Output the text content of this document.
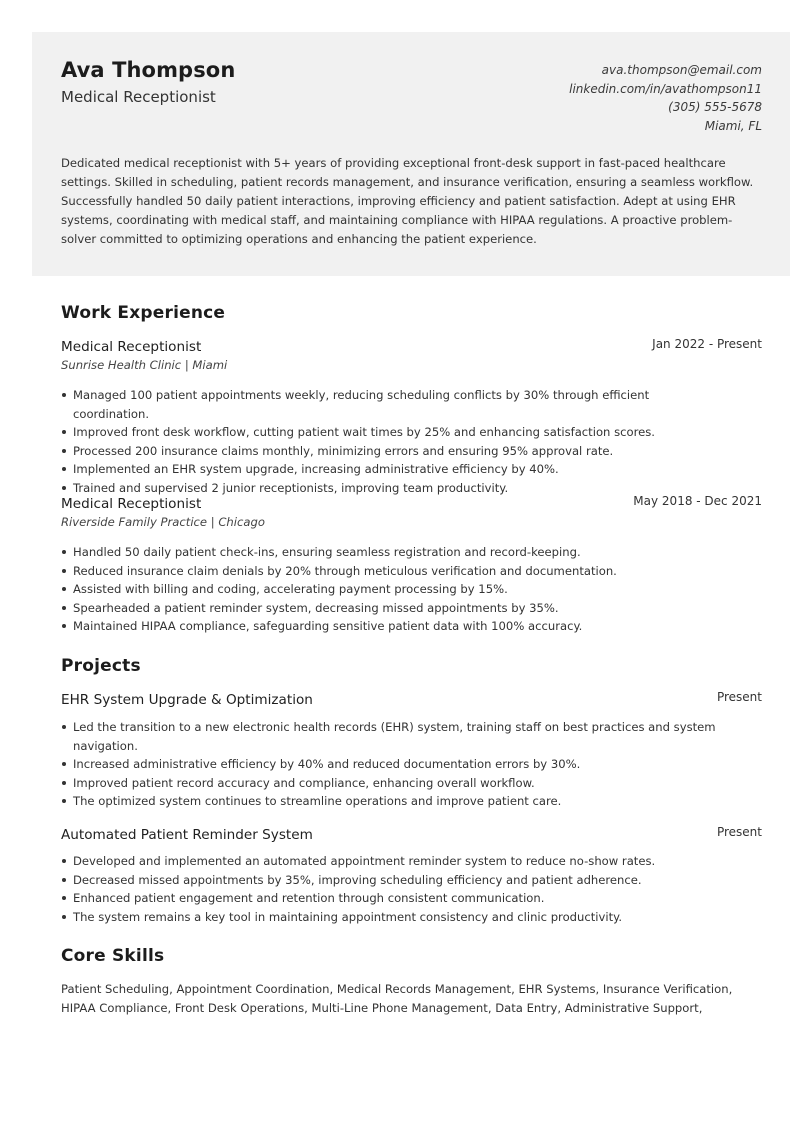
Ava Thompson
Medical Receptionist
ava.thompson@email.com
linkedin.com/in/avathompson11
(305) 555-5678
Miami, FL
Dedicated medical receptionist with 5+ years of providing exceptional front-desk support in fast-paced healthcare settings. Skilled in scheduling, patient records management, and insurance verification, ensuring a seamless workflow. Successfully handled 50 daily patient interactions, improving efficiency and patient satisfaction. Adept at using EHR systems, coordinating with medical staff, and maintaining compliance with HIPAA regulations. A proactive problem-solver committed to optimizing operations and enhancing the patient experience.
Work Experience
Medical Receptionist	Jan 2022 - Present
Sunrise Health Clinic | Miami
Managed 100 patient appointments weekly, reducing scheduling conflicts by 30% through efficient coordination.
Improved front desk workflow, cutting patient wait times by 25% and enhancing satisfaction scores.
Processed 200 insurance claims monthly, minimizing errors and ensuring 95% approval rate.
Implemented an EHR system upgrade, increasing administrative efficiency by 40%.
Trained and supervised 2 junior receptionists, improving team productivity.
Medical Receptionist	May 2018 - Dec 2021
Riverside Family Practice | Chicago
Handled 50 daily patient check-ins, ensuring seamless registration and record-keeping.
Reduced insurance claim denials by 20% through meticulous verification and documentation.
Assisted with billing and coding, accelerating payment processing by 15%.
Spearheaded a patient reminder system, decreasing missed appointments by 35%.
Maintained HIPAA compliance, safeguarding sensitive patient data with 100% accuracy.
Projects
EHR System Upgrade & Optimization	Present
Led the transition to a new electronic health records (EHR) system, training staff on best practices and system navigation.
Increased administrative efficiency by 40% and reduced documentation errors by 30%.
Improved patient record accuracy and compliance, enhancing overall workflow.
The optimized system continues to streamline operations and improve patient care.
Automated Patient Reminder System	Present
Developed and implemented an automated appointment reminder system to reduce no-show rates.
Decreased missed appointments by 35%, improving scheduling efficiency and patient adherence.
Enhanced patient engagement and retention through consistent communication.
The system remains a key tool in maintaining appointment consistency and clinic productivity.
Core Skills
Patient Scheduling, Appointment Coordination, Medical Records Management, EHR Systems, Insurance Verification, HIPAA Compliance, Front Desk Operations, Multi-Line Phone Management, Data Entry, Administrative Support,
